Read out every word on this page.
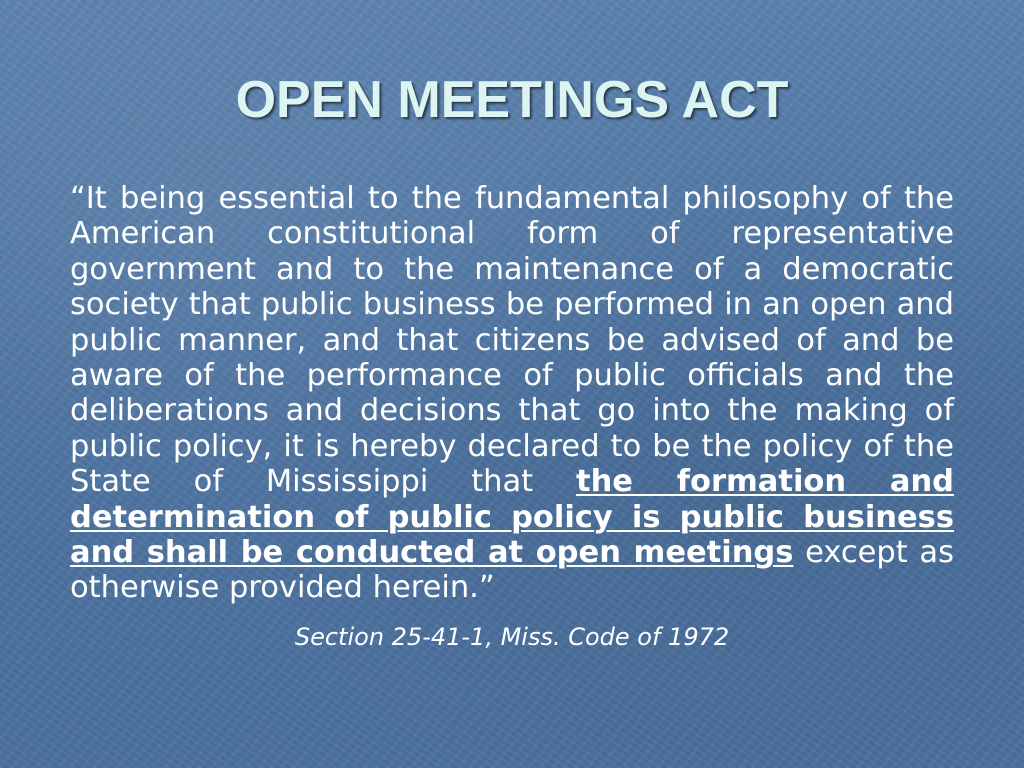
OPEN MEETINGS ACT

“It being essential to the fundamental philosophy of the American constitutional form of representative government and to the maintenance of a democratic society that public business be performed in an open and public manner, and that citizens be advised of and be aware of the performance of public officials and the deliberations and decisions that go into the making of public policy, it is hereby declared to be the policy of the State of Mississippi that the formation and determination of public policy is public business and shall be conducted at open meetings except as otherwise provided herein.”

Section 25-41-1, Miss. Code of 1972
